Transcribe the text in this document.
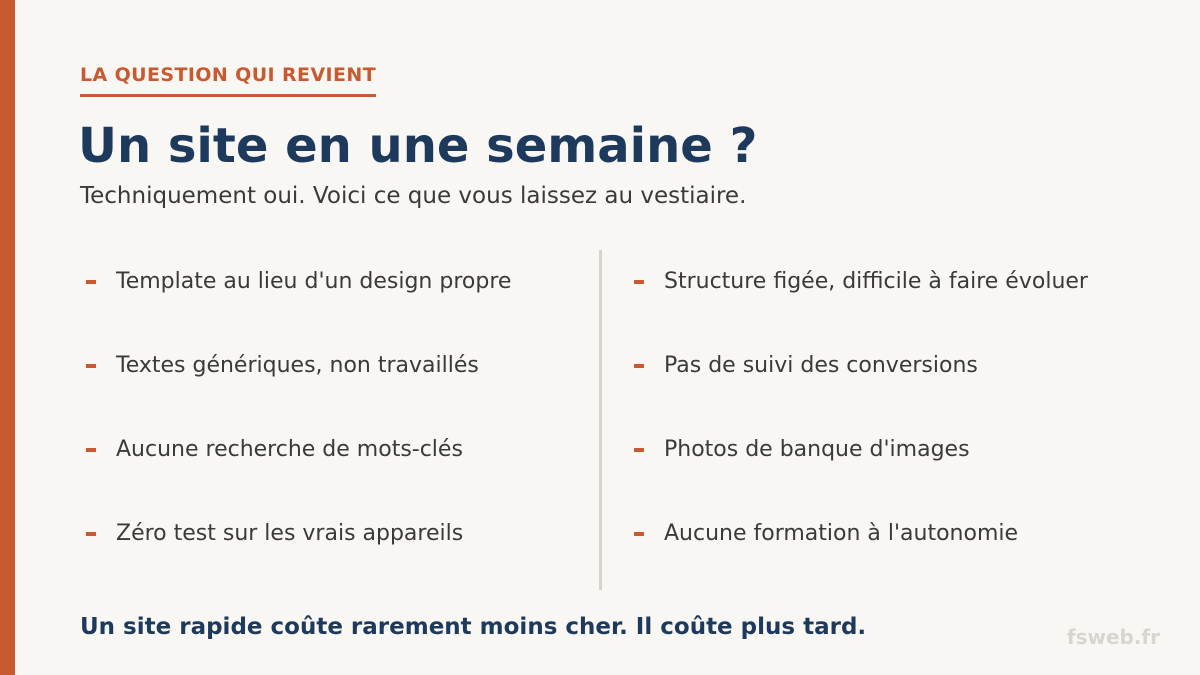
LA QUESTION QUI REVIENT
Un site en une semaine ?
Techniquement oui. Voici ce que vous laissez au vestiaire.
Template au lieu d'un design propre
Textes génériques, non travaillés
Aucune recherche de mots-clés
Zéro test sur les vrais appareils
Structure figée, difficile à faire évoluer
Pas de suivi des conversions
Photos de banque d'images
Aucune formation à l'autonomie
Un site rapide coûte rarement moins cher. Il coûte plus tard.	fsweb.fr
